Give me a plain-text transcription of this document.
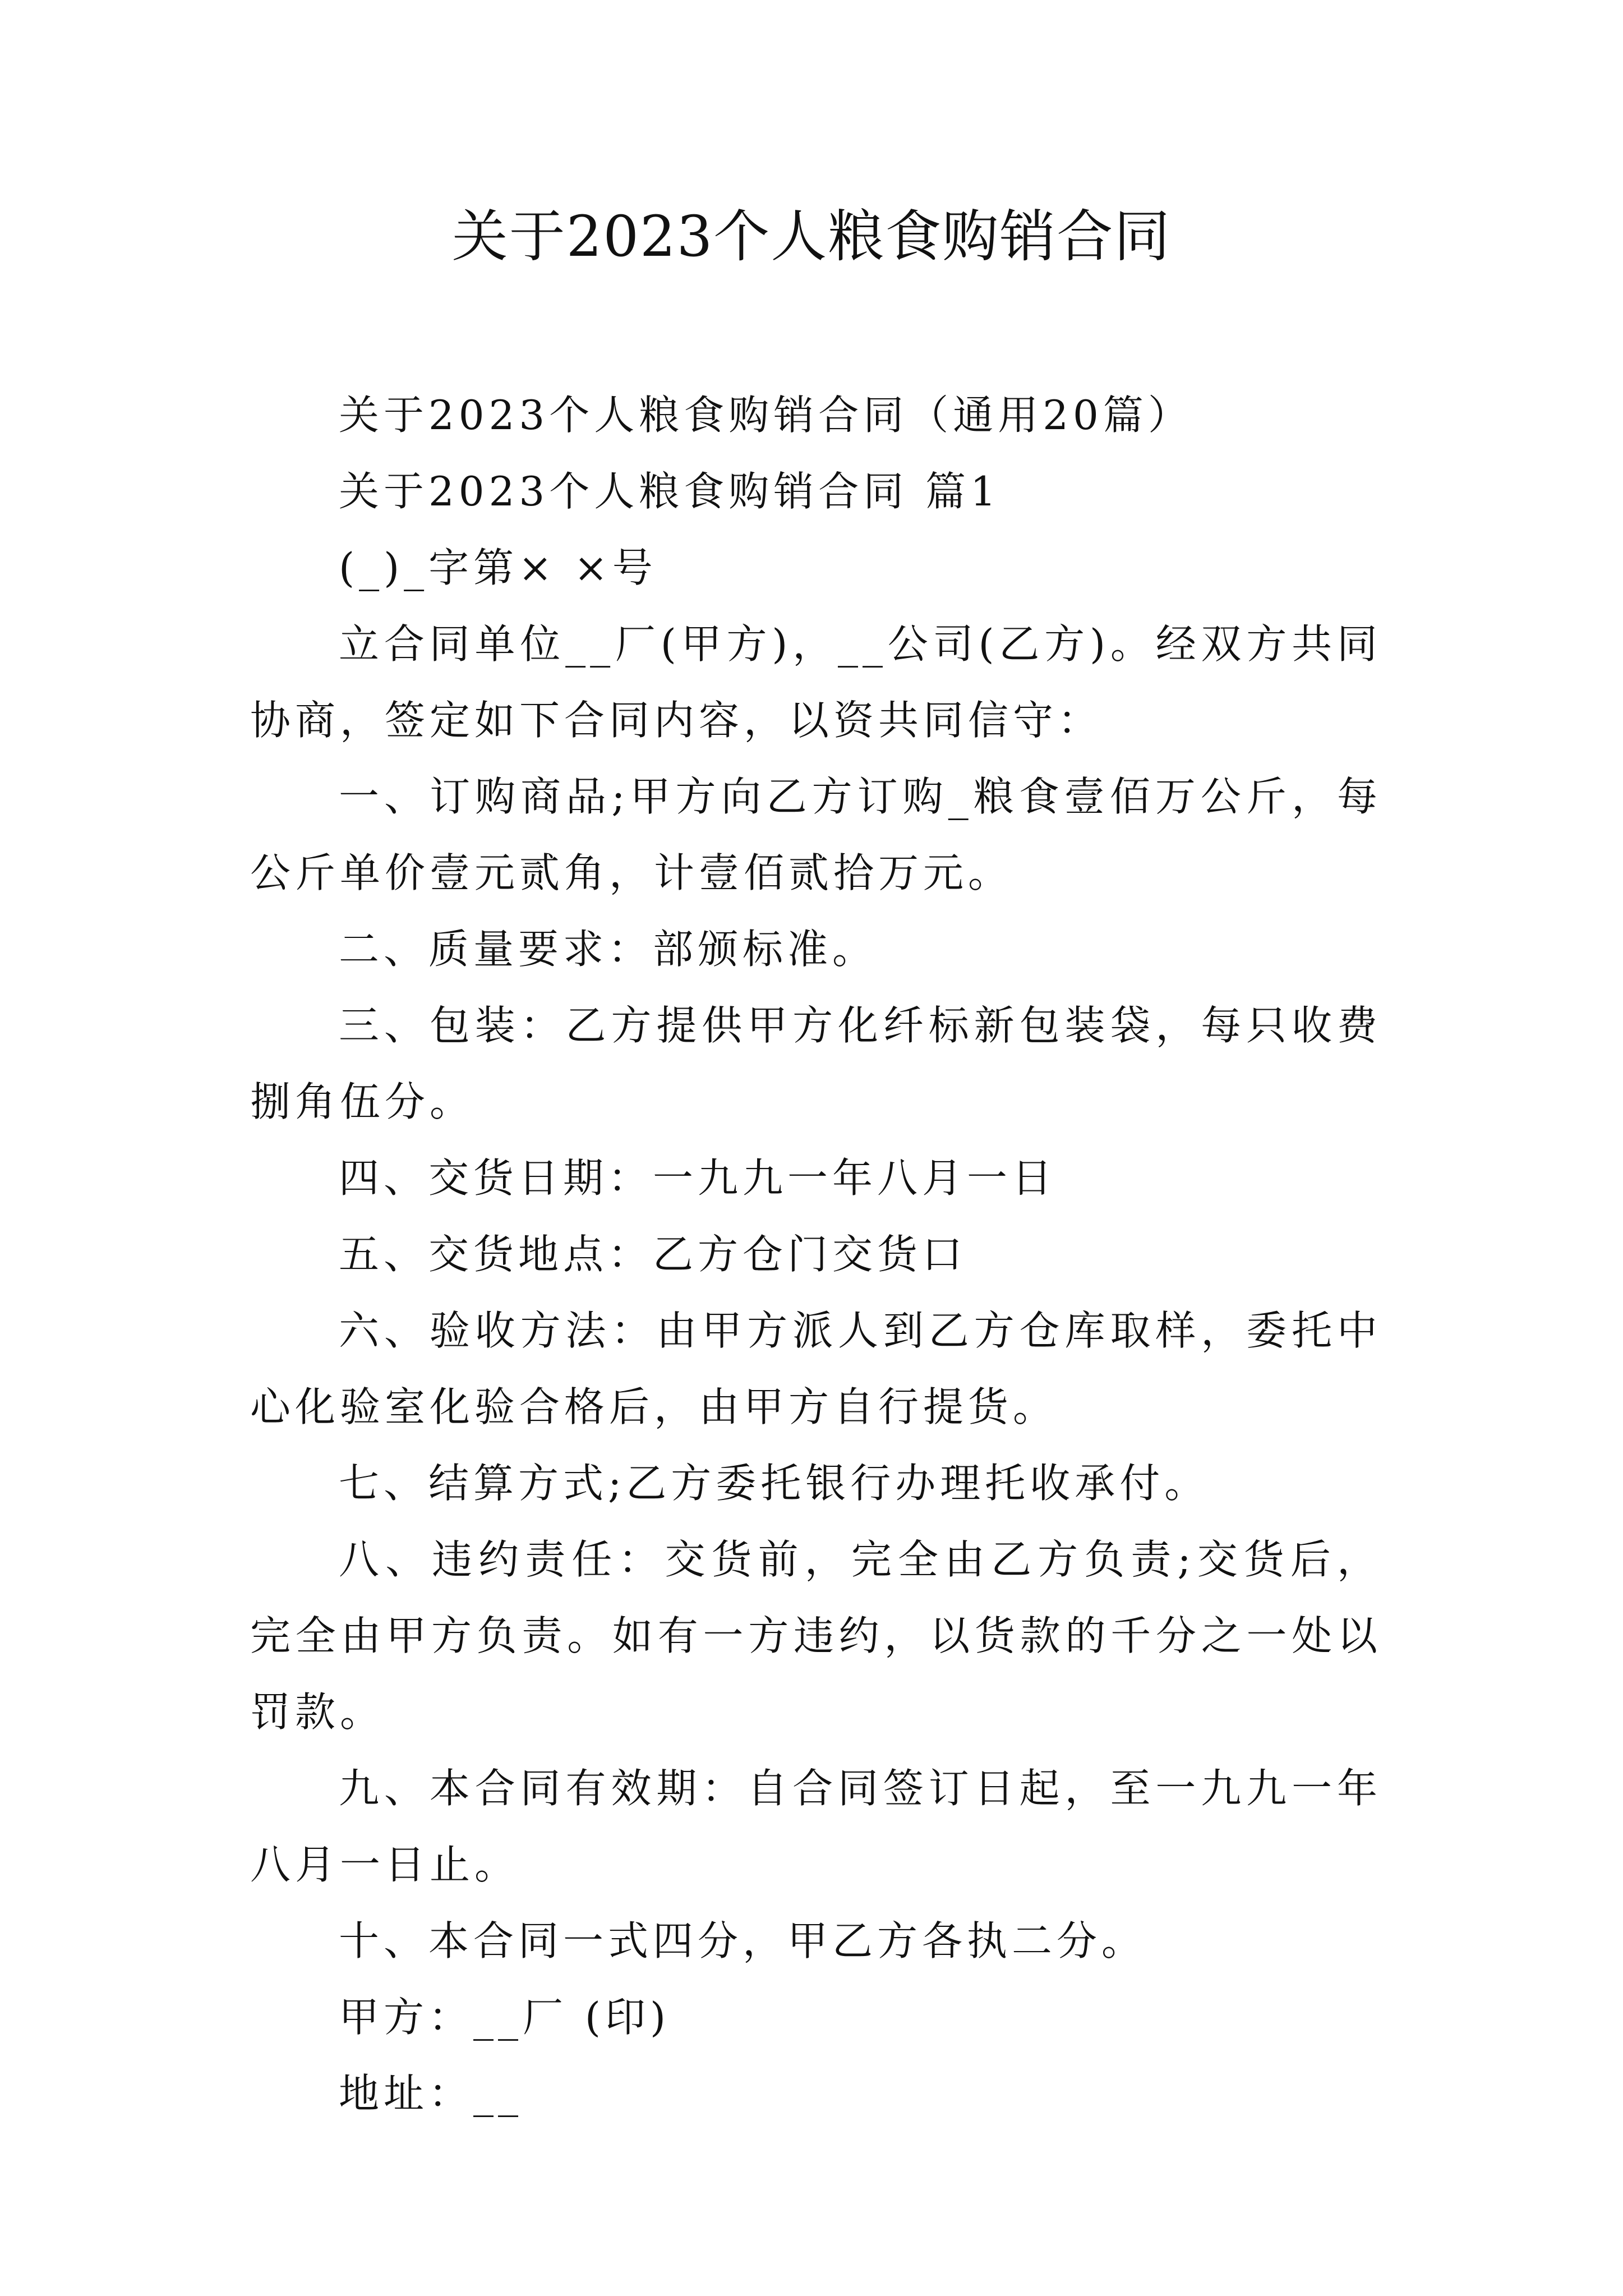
关于2023个人粮食购销合同

关于2023个人粮食购销合同（通用20篇）

关于2023个人粮食购销合同 篇1

(_)_字第× ×号

立合同单位__厂(甲方)，__公司(乙方)。经双方共同协商，签定如下合同内容，以资共同信守：

一、订购商品;甲方向乙方订购_粮食壹佰万公斤，每公斤单价壹元贰角，计壹佰贰拾万元。

二、质量要求：部颁标准。

三、包装：乙方提供甲方化纤标新包装袋，每只收费捌角伍分。

四、交货日期：一九九一年八月一日

五、交货地点：乙方仓门交货口

六、验收方法：由甲方派人到乙方仓库取样，委托中心化验室化验合格后，由甲方自行提货。

七、结算方式;乙方委托银行办理托收承付。

八、违约责任：交货前，完全由乙方负责;交货后，完全由甲方负责。如有一方违约，以货款的千分之一处以罚款。

九、本合同有效期：自合同签订日起，至一九九一年八月一日止。

十、本合同一式四分，甲乙方各执二分。

甲方：__厂 (印)

地址：__
